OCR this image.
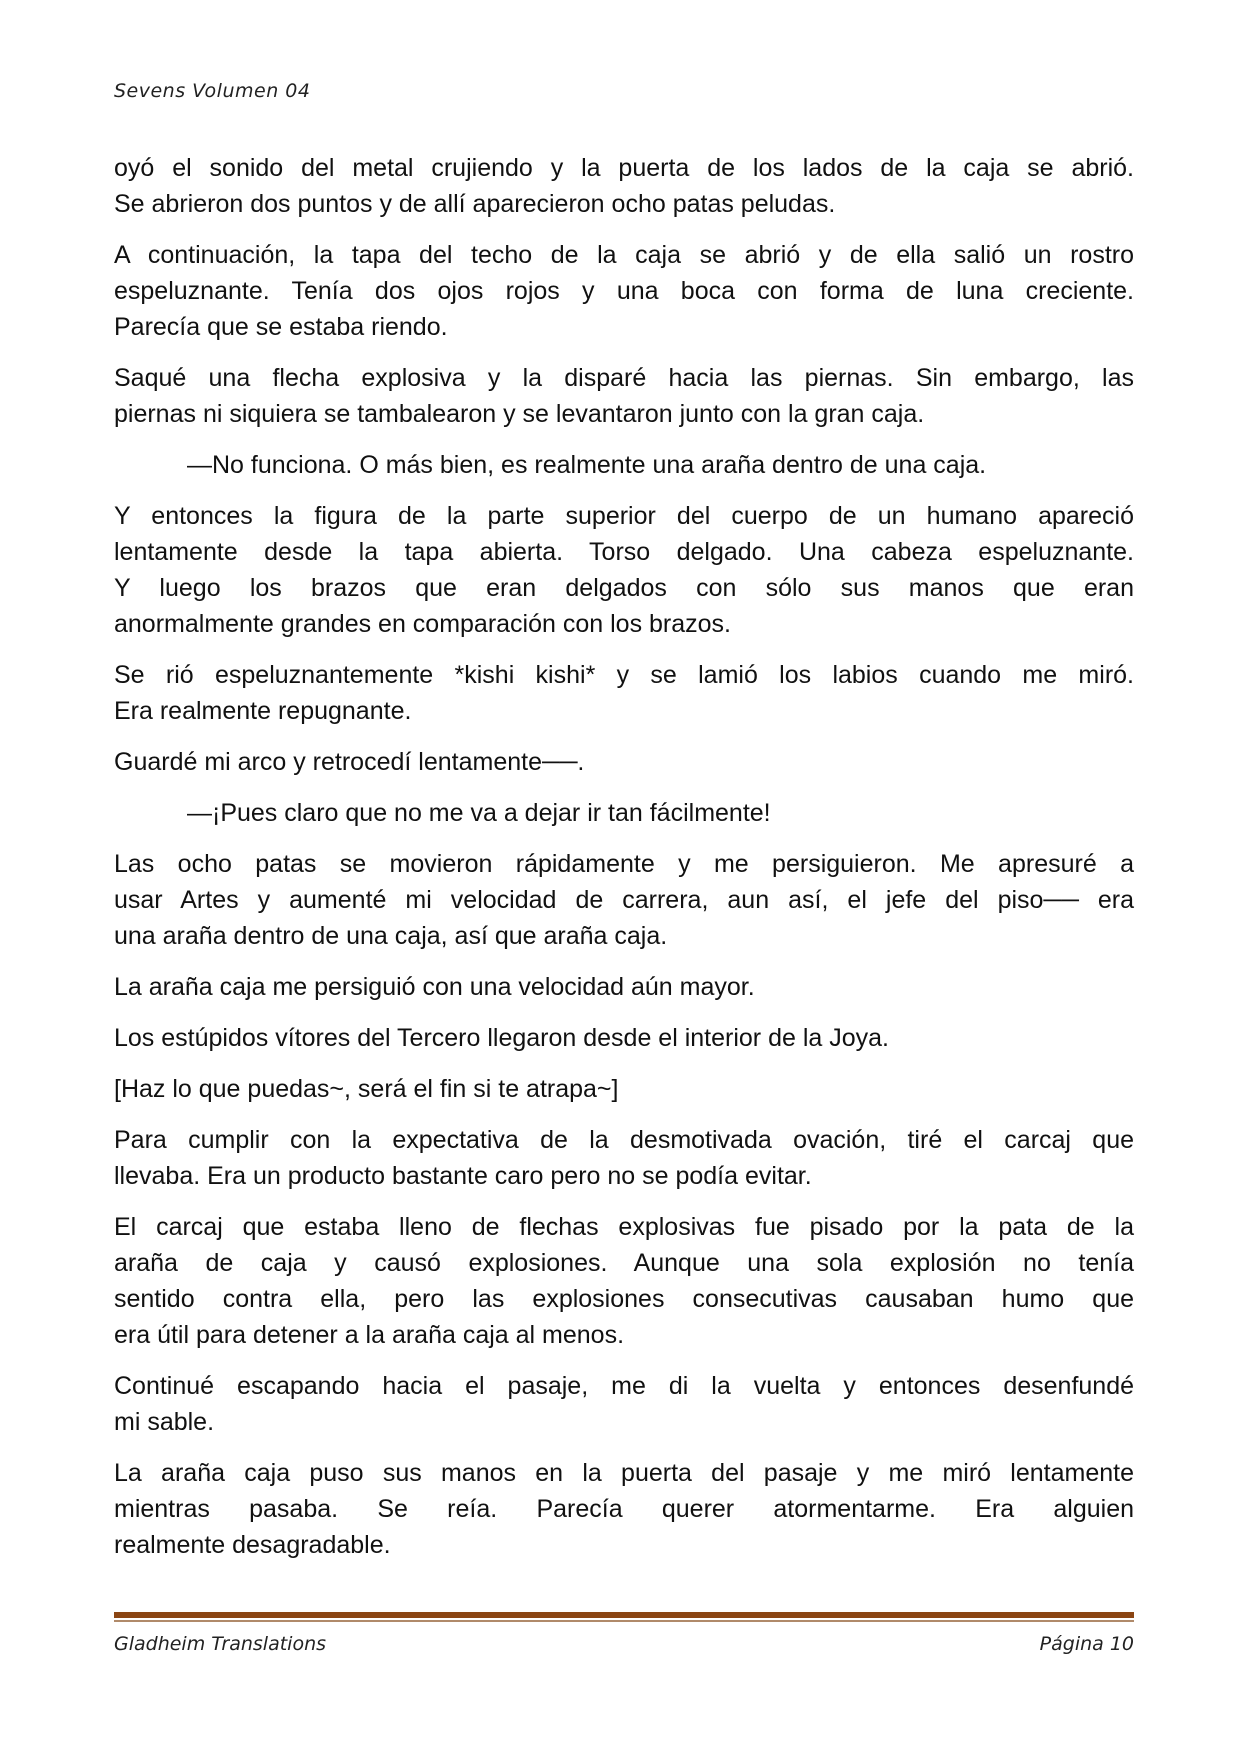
Sevens Volumen 04
oyó el sonido del metal crujiendo y la puerta de los lados de la caja se abrió.
Se abrieron dos puntos y de allí aparecieron ocho patas peludas.
A continuación, la tapa del techo de la caja se abrió y de ella salió un rostro
espeluznante. Tenía dos ojos rojos y una boca con forma de luna creciente.
Parecía que se estaba riendo.
Saqué una flecha explosiva y la disparé hacia las piernas. Sin embargo, las
piernas ni siquiera se tambalearon y se levantaron junto con la gran caja.
—No funciona. O más bien, es realmente una araña dentro de una caja.
Y entonces la figura de la parte superior del cuerpo de un humano apareció
lentamente desde la tapa abierta. Torso delgado. Una cabeza espeluznante.
Y luego los brazos que eran delgados con sólo sus manos que eran
anormalmente grandes en comparación con los brazos.
Se rió espeluznantemente *kishi kishi* y se lamió los labios cuando me miró.
Era realmente repugnante.
Guardé mi arco y retrocedí lentamente──.
—¡Pues claro que no me va a dejar ir tan fácilmente!
Las ocho patas se movieron rápidamente y me persiguieron. Me apresuré a
usar Artes y aumenté mi velocidad de carrera, aun así, el jefe del piso── era
una araña dentro de una caja, así que araña caja.
La araña caja me persiguió con una velocidad aún mayor.
Los estúpidos vítores del Tercero llegaron desde el interior de la Joya.
[Haz lo que puedas~, será el fin si te atrapa~]
Para cumplir con la expectativa de la desmotivada ovación, tiré el carcaj que
llevaba. Era un producto bastante caro pero no se podía evitar.
El carcaj que estaba lleno de flechas explosivas fue pisado por la pata de la
araña de caja y causó explosiones. Aunque una sola explosión no tenía
sentido contra ella, pero las explosiones consecutivas causaban humo que
era útil para detener a la araña caja al menos.
Continué escapando hacia el pasaje, me di la vuelta y entonces desenfundé
mi sable.
La araña caja puso sus manos en la puerta del pasaje y me miró lentamente
mientras pasaba. Se reía. Parecía querer atormentarme. Era alguien
realmente desagradable.
Gladheim Translations	Página 10
